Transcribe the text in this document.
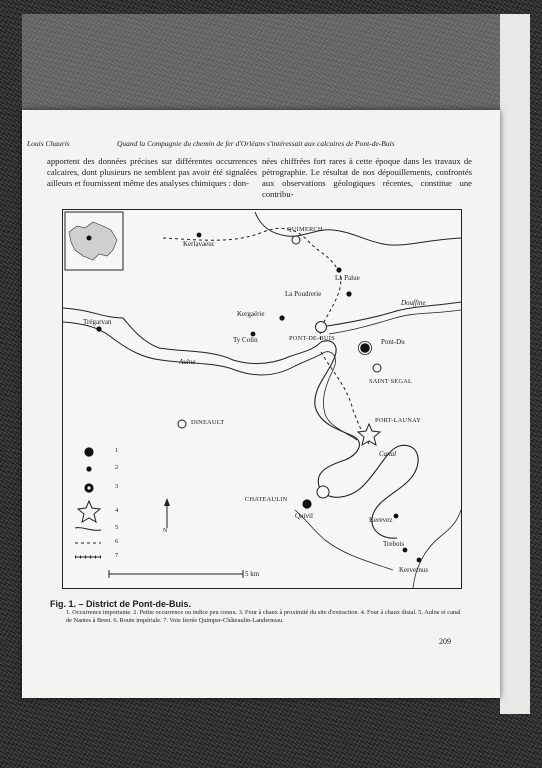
Louis Chauris	Quand la Compagnie du chemin de fer d'Orléans s'intéressait aux calcaires de Pont-de-Buis

apportent des données précises sur différentes occurrences calcaires, dont plusieurs ne semblent pas avoir été signalées ailleurs et fournissent même des analyses chimiques : don-

nées chiffrées fort rares à cette époque dans les travaux de pétrographie. Le résultat de nos dépouillements, confrontés aux observations géologiques récentes, constitue une contribu-

QUIMERCH
Kerlavaeuc
La Palue
La Poudrerie
Douffine
Kergaërie
Trégarvan
Ty Colin	PONT-DE-BUIS	Pont-Du
Aulne
SAINT SEGAL
DINEAULT	PORT-LAUNAY
Canal
Quivil
CHATEAULIN
Kerevez
Trebois
Kervernus
1
2
3
4
5
6
7
N
5 km
Fig. 1. – District de Pont-de-Buis.
1. Occurrence importante. 2. Petite occurrence ou indice peu connu. 3. Four à chaux à proximité du site d'extraction. 4. Four à chaux distal. 5. Aulne et canal de Nantes à Brest. 6. Route impériale. 7. Voie ferrée Quimper-Châteaulin-Landerneau.
209
